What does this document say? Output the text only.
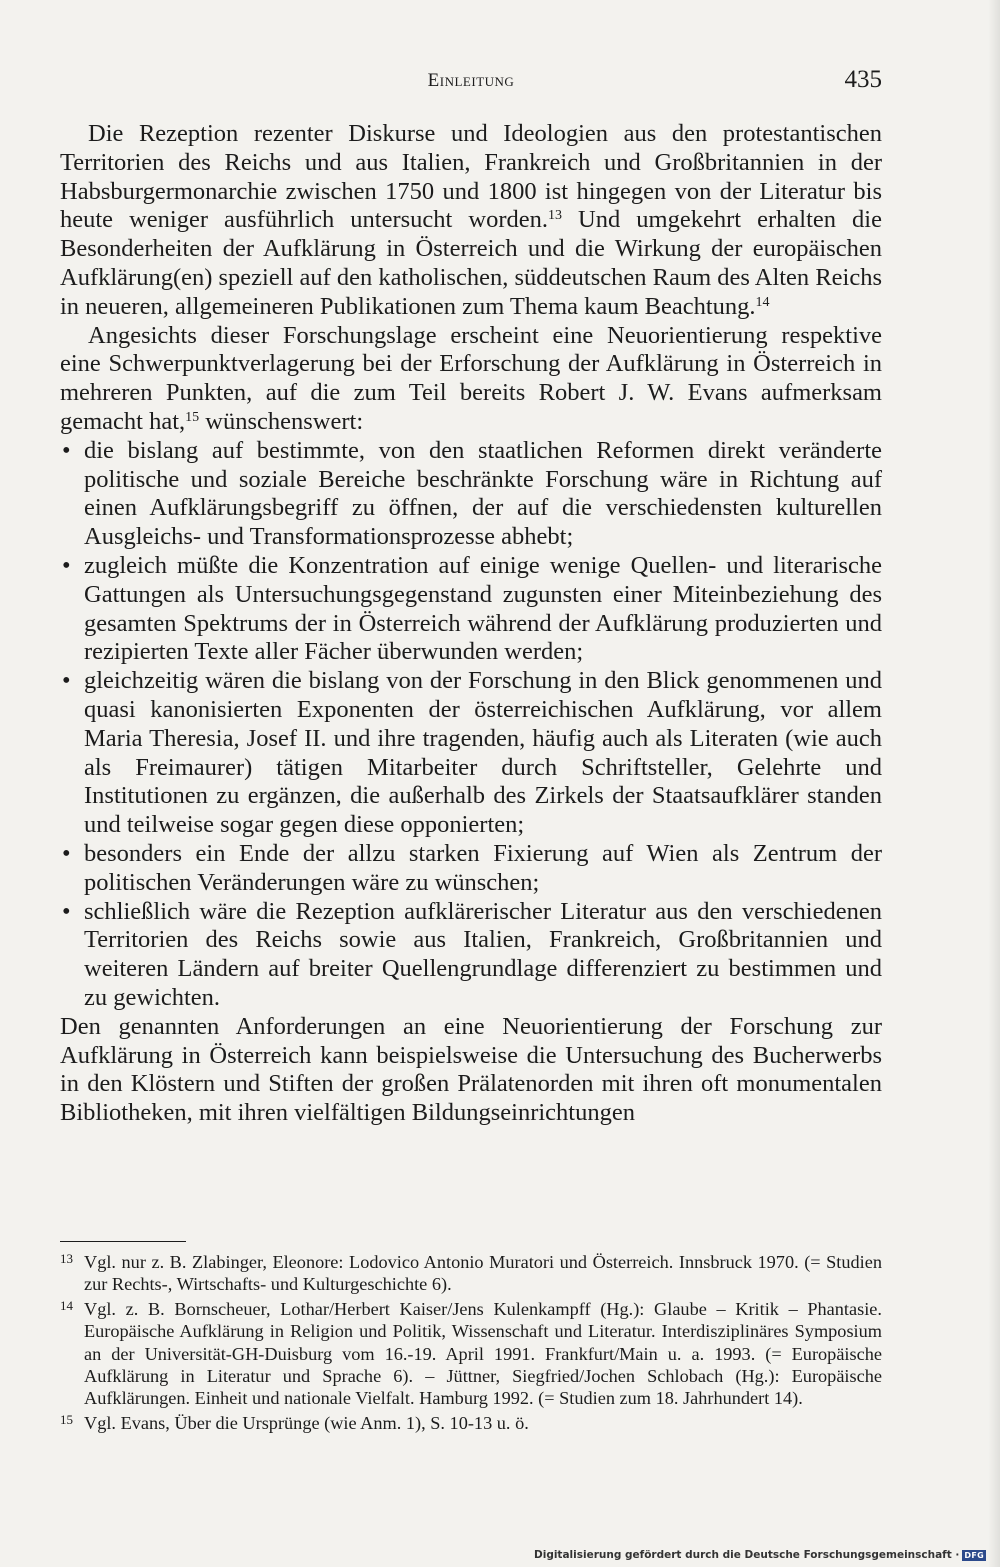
Einleitung	435

Die Rezeption rezenter Diskurse und Ideologien aus den protestantischen Territorien des Reichs und aus Italien, Frankreich und Großbritannien in der Habsburgermonarchie zwischen 1750 und 1800 ist hingegen von der Literatur bis heute weniger ausführlich untersucht worden.$^{13}$ Und umgekehrt erhalten die Besonderheiten der Aufklärung in Österreich und die Wirkung der europäischen Aufklärung(en) speziell auf den katholischen, süddeutschen Raum des Alten Reichs in neueren, allgemeineren Publikationen zum Thema kaum Beachtung.$^{14}$

Angesichts dieser Forschungslage erscheint eine Neuorientierung respektive eine Schwerpunktverlagerung bei der Erforschung der Aufklärung in Österreich in mehreren Punkten, auf die zum Teil bereits Robert J. W. Evans aufmerksam gemacht hat,$^{15}$ wünschenswert:

• die bislang auf bestimmte, von den staatlichen Reformen direkt veränderte politische und soziale Bereiche beschränkte Forschung wäre in Richtung auf einen Aufklärungsbegriff zu öffnen, der auf die verschiedensten kulturellen Ausgleichs- und Transformationsprozesse abhebt;
• zugleich müßte die Konzentration auf einige wenige Quellen- und literarische Gattungen als Untersuchungsgegenstand zugunsten einer Miteinbeziehung des gesamten Spektrums der in Österreich während der Aufklärung produzierten und rezipierten Texte aller Fächer überwunden werden;
• gleichzeitig wären die bislang von der Forschung in den Blick genommenen und quasi kanonisierten Exponenten der österreichischen Aufklärung, vor allem Maria Theresia, Josef II. und ihre tragenden, häufig auch als Literaten (wie auch als Freimaurer) tätigen Mitarbeiter durch Schriftsteller, Gelehrte und Institutionen zu ergänzen, die außerhalb des Zirkels der Staatsaufklärer standen und teilweise sogar gegen diese opponierten;
• besonders ein Ende der allzu starken Fixierung auf Wien als Zentrum der politischen Veränderungen wäre zu wünschen;
• schließlich wäre die Rezeption aufklärerischer Literatur aus den verschiedenen Territorien des Reichs sowie aus Italien, Frankreich, Großbritannien und weiteren Ländern auf breiter Quellengrundlage differenziert zu bestimmen und zu gewichten.

Den genannten Anforderungen an eine Neuorientierung der Forschung zur Aufklärung in Österreich kann beispielsweise die Untersuchung des Bucherwerbs in den Klöstern und Stiften der großen Prälatenorden mit ihren oft monumentalen Bibliotheken, mit ihren vielfältigen Bildungseinrichtungen

13 Vgl. nur z. B. Zlabinger, Eleonore: Lodovico Antonio Muratori und Österreich. Innsbruck 1970. (= Studien zur Rechts-, Wirtschafts- und Kulturgeschichte 6).

14 Vgl. z. B. Bornscheuer, Lothar/Herbert Kaiser/Jens Kulenkampff (Hg.): Glaube – Kritik – Phantasie. Europäische Aufklärung in Religion und Politik, Wissenschaft und Literatur. Interdisziplinäres Symposium an der Universität-GH-Duisburg vom 16.-19. April 1991. Frankfurt/Main u. a. 1993. (= Europäische Aufklärung in Literatur und Sprache 6). – Jüttner, Siegfried/Jochen Schlobach (Hg.): Europäische Aufklärungen. Einheit und nationale Vielfalt. Hamburg 1992. (= Studien zum 18. Jahrhundert 14).

15 Vgl. Evans, Über die Ursprünge (wie Anm. 1), S. 10-13 u. ö.

Digitalisierung gefördert durch die Deutsche Forschungsgemeinschaft · DFG
